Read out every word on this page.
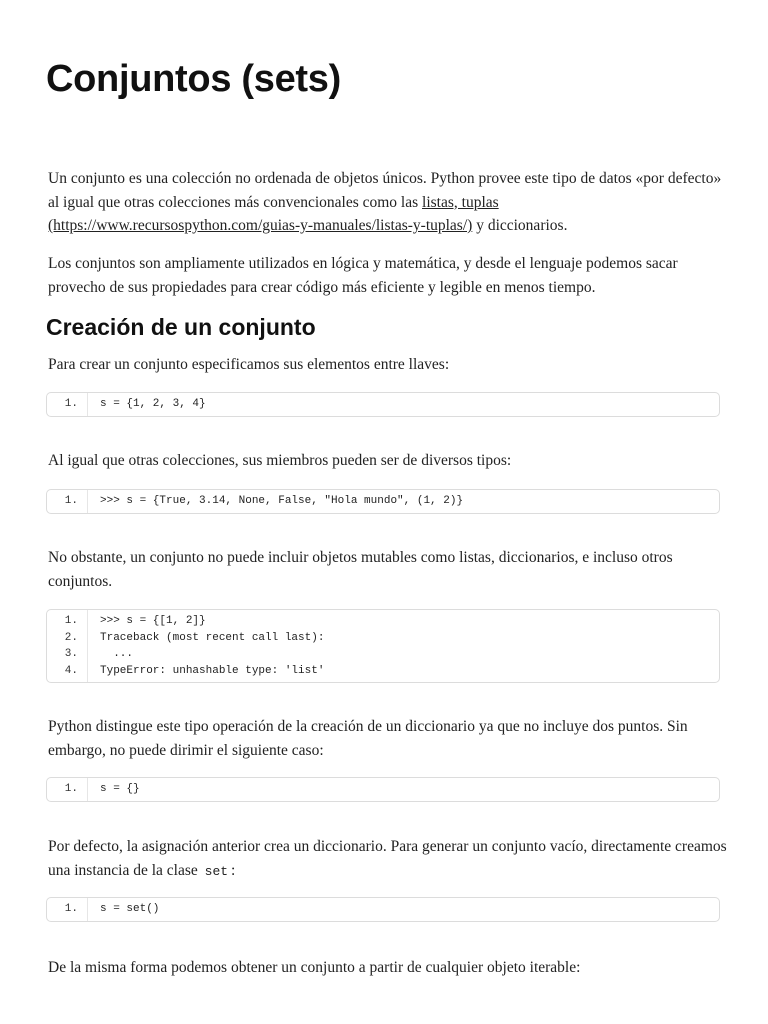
Conjuntos (sets)

Un conjunto es una colección no ordenada de objetos únicos. Python provee este tipo de datos «por defecto» al igual que otras colecciones más convencionales como las listas, tuplas (https://www.recursospython.com/guias-y-manuales/listas-y-tuplas/) y diccionarios.

Los conjuntos son ampliamente utilizados en lógica y matemática, y desde el lenguaje podemos sacar provecho de sus propiedades para crear código más eficiente y legible en menos tiempo.

Creación de un conjunto

Para crear un conjunto especificamos sus elementos entre llaves:

1. s = {1, 2, 3, 4}

Al igual que otras colecciones, sus miembros pueden ser de diversos tipos:

1. >>> s = {True, 3.14, None, False, "Hola mundo", (1, 2)}

No obstante, un conjunto no puede incluir objetos mutables como listas, diccionarios, e incluso otros conjuntos.

1. >>> s = {[1, 2]}
2. Traceback (most recent call last):
3. ...
4. TypeError: unhashable type: 'list'

Python distingue este tipo operación de la creación de un diccionario ya que no incluye dos puntos. Sin embargo, no puede dirimir el siguiente caso:

1. s = {}

Por defecto, la asignación anterior crea un diccionario. Para generar un conjunto vacío, directamente creamos una instancia de la clase set :

1. s = set()

De la misma forma podemos obtener un conjunto a partir de cualquier objeto iterable:
